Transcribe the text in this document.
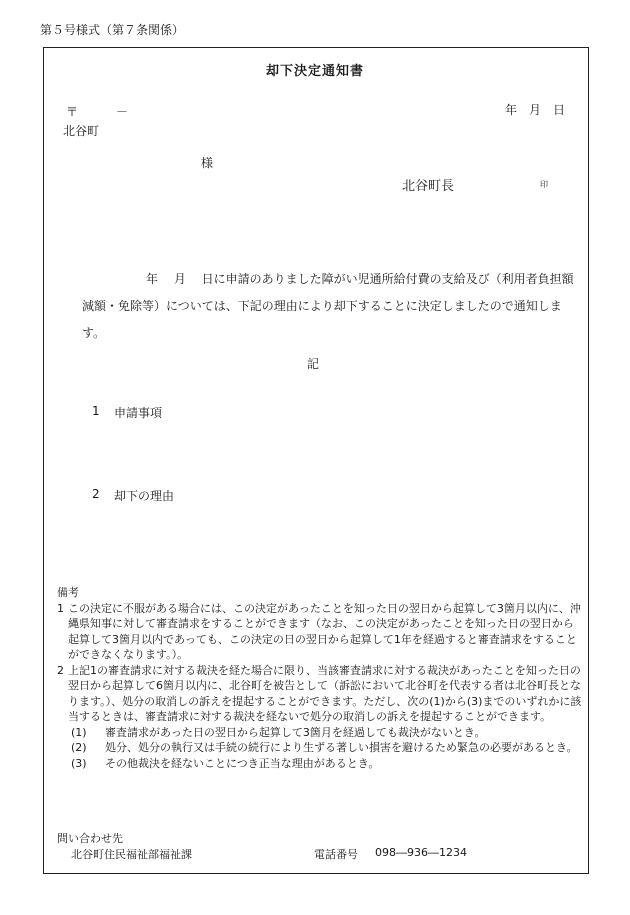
第５号様式（第７条関係）
却下決定通知書
〒	－	年　月　日
北谷町
様
北谷町長	印
年　 月　 日に申請のありました障がい児通所給付費の支給及び（利用者負担額減額・免除等）については、下記の理由により却下することに決定しましたので通知します。
記
1 申請事項
2 却下の理由
備考
1 この決定に不服がある場合には、この決定があったことを知った日の翌日から起算して3箇月以内に、沖縄県知事に対して審査請求をすることができます（なお、この決定があったことを知った日の翌日から起算して3箇月以内であっても、この決定の日の翌日から起算して1年を経過すると審査請求をすることができなくなります。）。
2 上記1の審査請求に対する裁決を経た場合に限り、当該審査請求に対する裁決があったことを知った日の翌日から起算して6箇月以内に、北谷町を被告として（訴訟において北谷町を代表する者は北谷町長となります。）、処分の取消しの訴えを提起することができます。ただし、次の(1)から(3)までのいずれかに該当するときは、審査請求に対する裁決を経ないで処分の取消しの訴えを提起することができます。
(1) 審査請求があった日の翌日から起算して3箇月を経過しても裁決がないとき。
(2) 処分、処分の執行又は手続の続行により生ずる著しい損害を避けるため緊急の必要があるとき。
(3) その他裁決を経ないことにつき正当な理由があるとき。
問い合わせ先
北谷町住民福祉部福祉課	電話番号 098―936―1234
